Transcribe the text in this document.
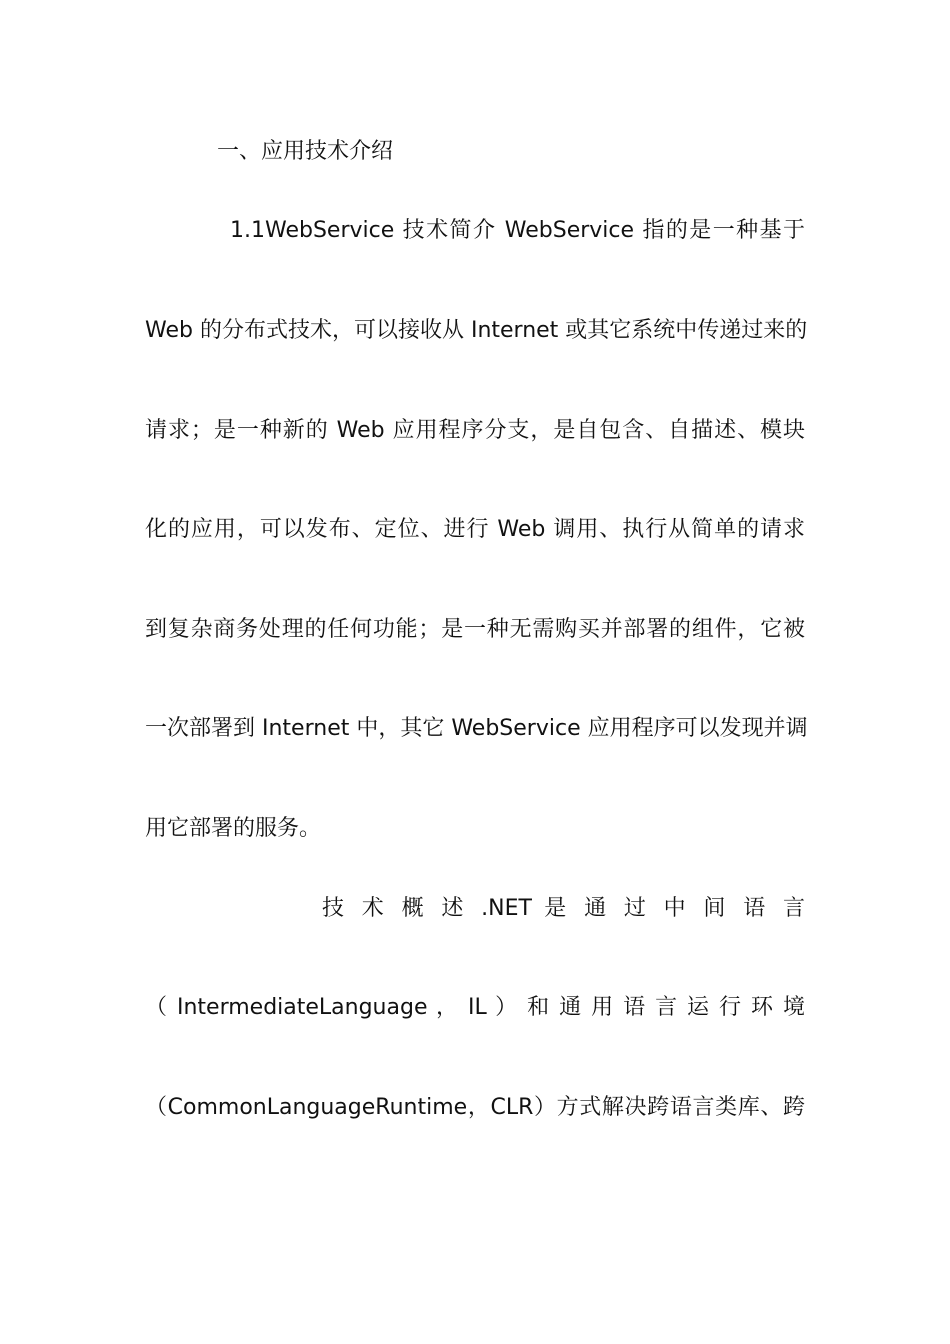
一、应用技术介绍
1.1WebService 技术简介 WebService 指的是一种基于
Web 的分布式技术，可以接收从 Internet 或其它系统中传递过来的
请求；是一种新的 Web 应用程序分支，是自包含、自描述、模块
化的应用，可以发布、定位、进行 Web 调用、执行从简单的请求
到复杂商务处理的任何功能；是一种无需购买并部署的组件，它被
一次部署到 Internet 中，其它 WebService 应用程序可以发现并调
用它部署的服务。
技 术 概 述 .NET 是 通 过 中 间 语 言
（ IntermediateLanguage ， IL ） 和 通 用 语 言 运 行 环 境
（CommonLanguageRuntime，CLR）方式解决跨语言类库、跨
